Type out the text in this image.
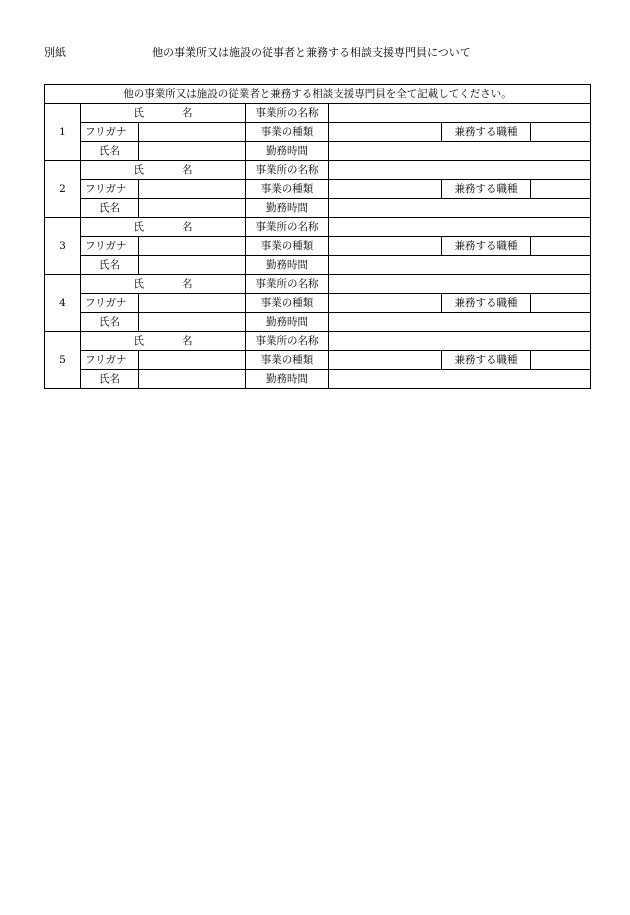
別紙	他の事業所又は施設の従事者と兼務する相談支援専門員について
他の事業所又は施設の従業者と兼務する相談支援専門員を全て記載してください。						
1	氏名		事業所の名称			
	フリガナ		事業の種類		兼務する職種	
	氏名		勤務時間			
2	氏名		事業所の名称			
	フリガナ		事業の種類		兼務する職種	
	氏名		勤務時間			
3	氏名		事業所の名称			
	フリガナ		事業の種類		兼務する職種	
	氏名		勤務時間			
4	氏名		事業所の名称			
	フリガナ		事業の種類		兼務する職種	
	氏名		勤務時間			
5	氏名		事業所の名称			
	フリガナ		事業の種類		兼務する職種	
	氏名		勤務時間			
